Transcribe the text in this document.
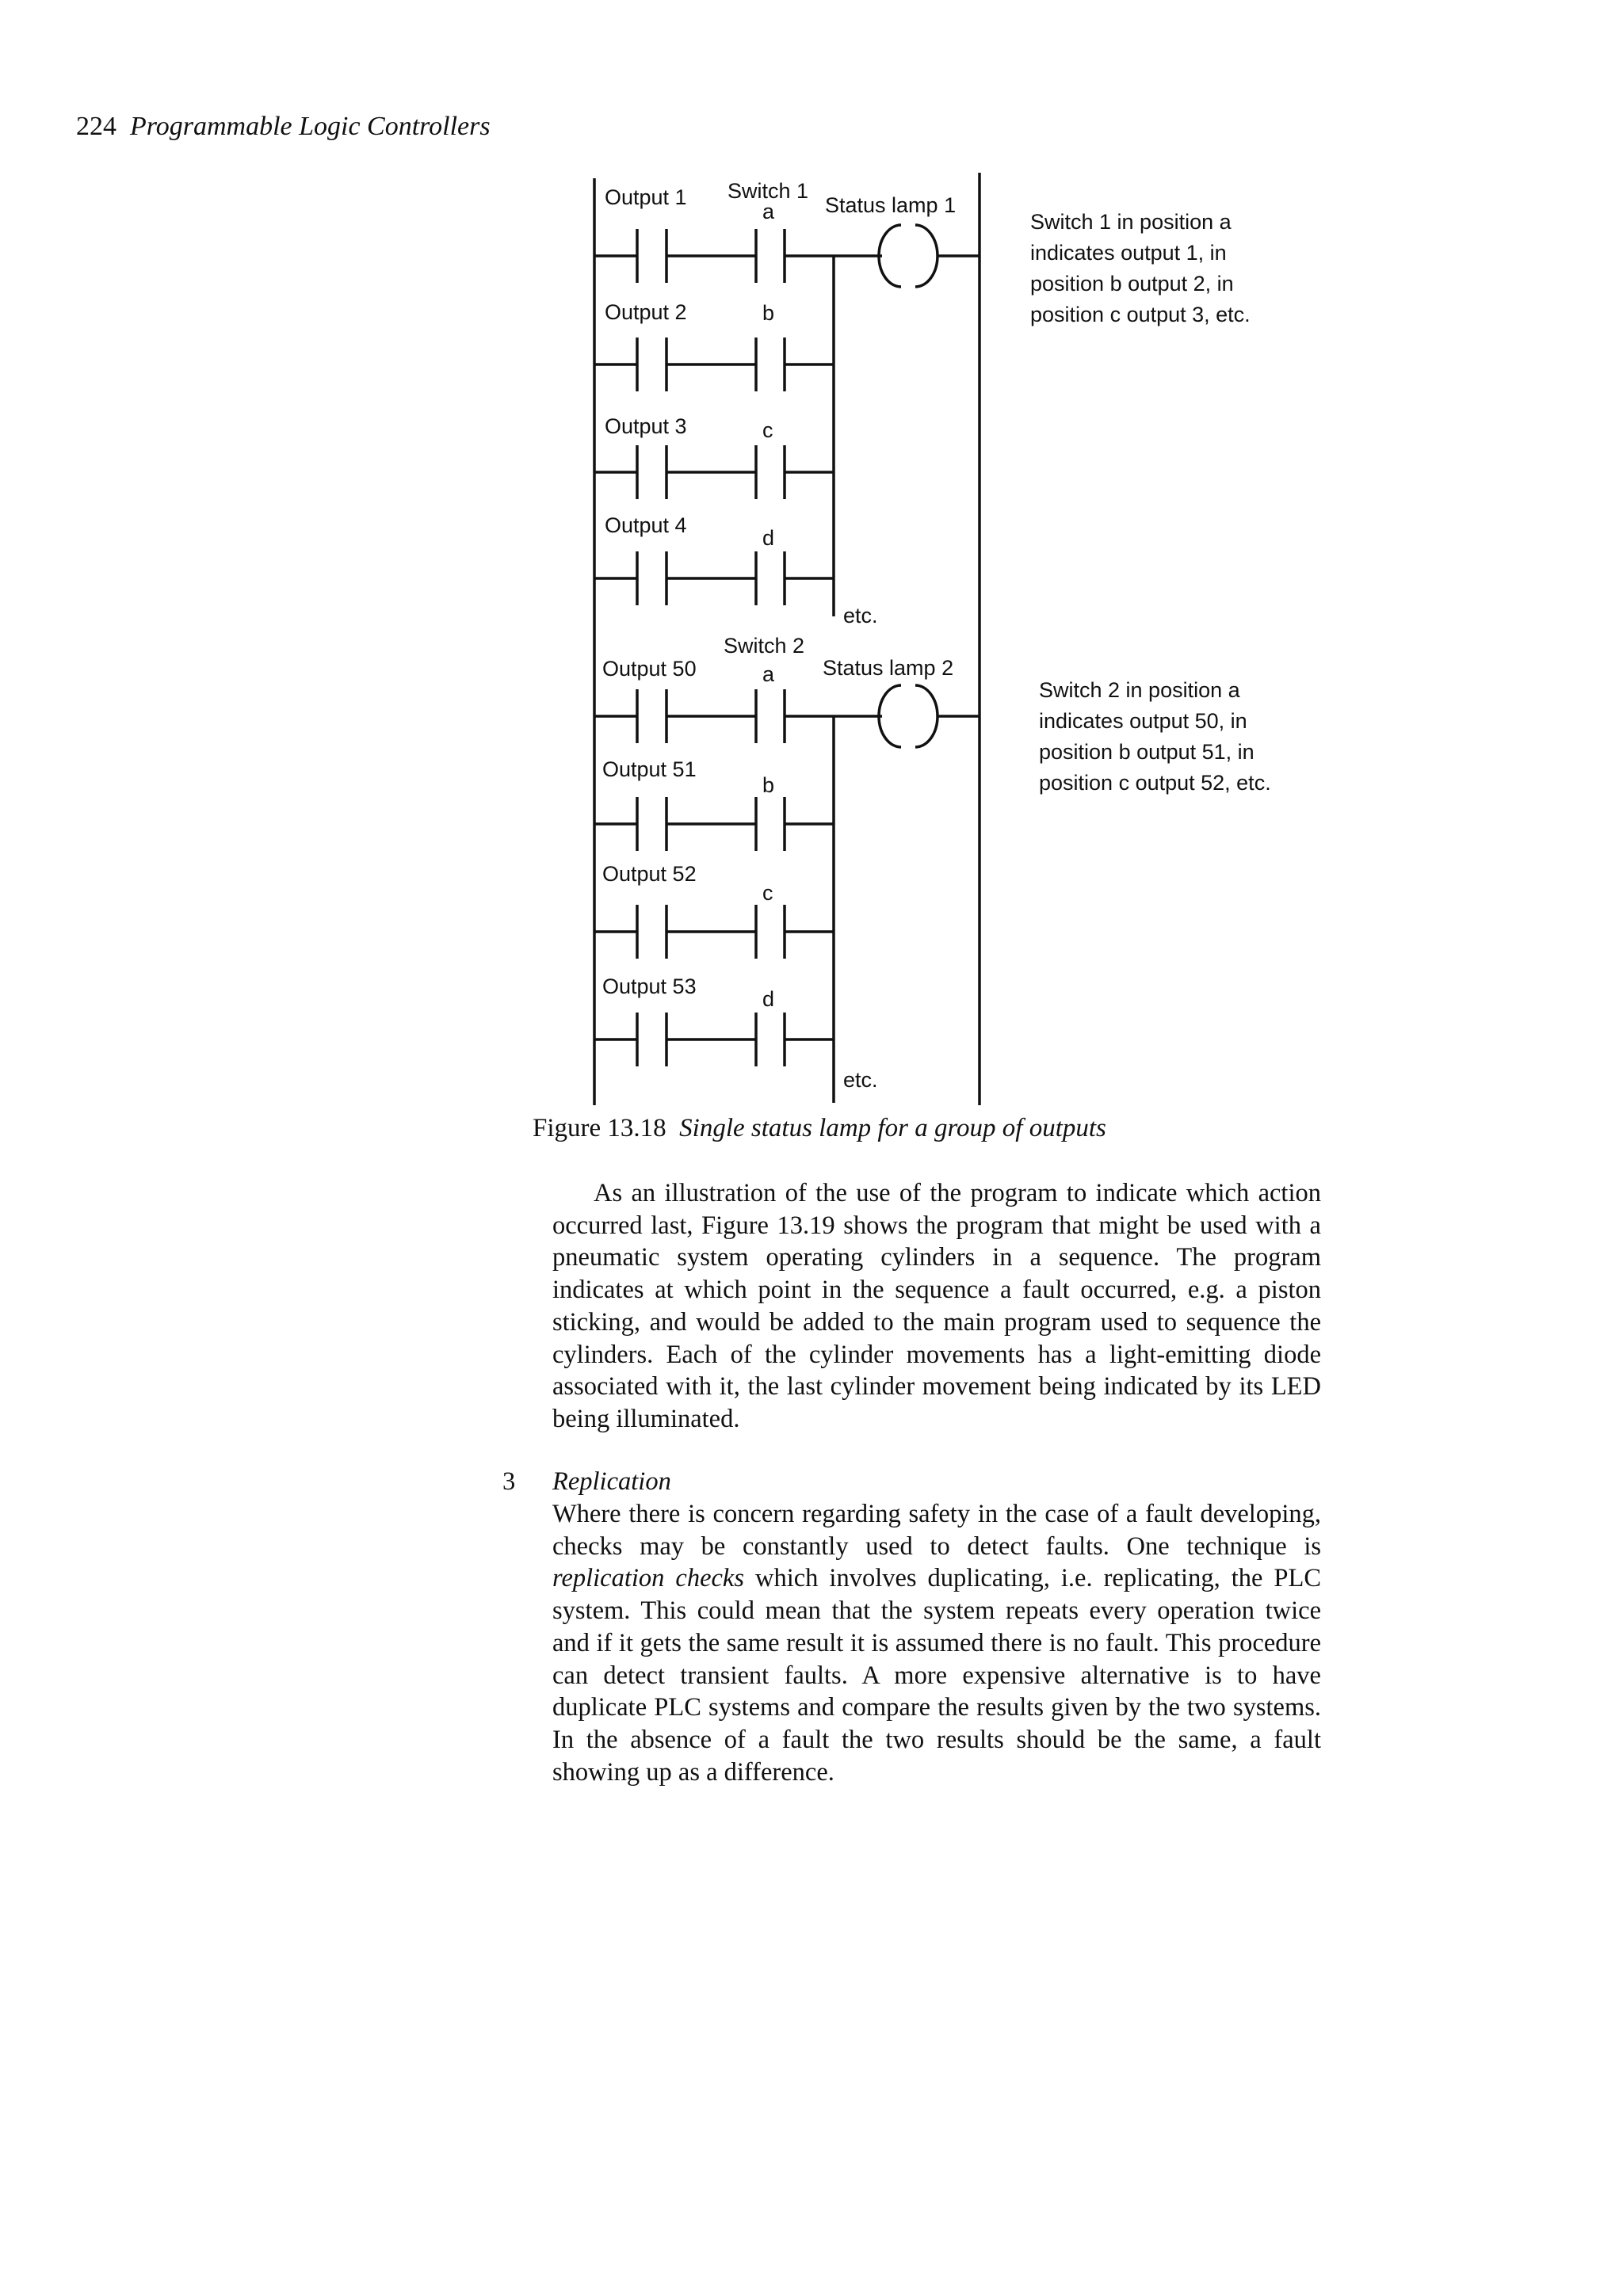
224 Programmable Logic Controllers
Output 1
Output 2
Output 3
Output 4
Switch 1
a
b
c
d
Status lamp 1
etc.
Output 50
Output 51
Output 52
Output 53
Switch 2
a
b
c
d
Status lamp 2
etc.
Switch 1 in position a
indicates output 1, in
position b output 2, in
position c output 3, etc.
Switch 2 in position a
indicates output 50, in
position b output 51, in
position c output 52, etc.
Figure 13.18 Single status lamp for a group of outputs
As an illustration of the use of the program to indicate which action occurred last, Figure 13.19 shows the program that might be used with a pneumatic system operating cylinders in a sequence. The program indicates at which point in the sequence a fault occurred, e.g. a piston sticking, and would be added to the main program used to sequence the cylinders. Each of the cylinder movements has a light-emitting diode associated with it, the last cylinder movement being indicated by its LED being illuminated.
3 Replication
Where there is concern regarding safety in the case of a fault developing, checks may be constantly used to detect faults. One technique is replication checks which involves duplicating, i.e. replicating, the PLC system. This could mean that the system repeats every operation twice and if it gets the same result it is assumed there is no fault. This procedure can detect transient faults. A more expensive alternative is to have duplicate PLC systems and compare the results given by the two systems. In the absence of a fault the two results should be the same, a fault showing up as a difference.
